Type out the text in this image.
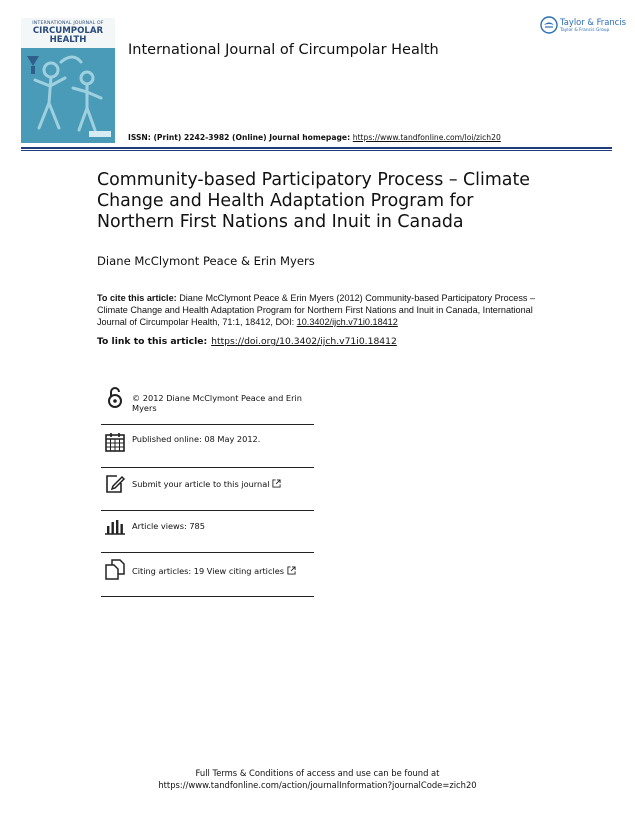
INTERNATIONAL JOURNAL OF
CIRCUMPOLAR
HEALTH
International Journal of Circumpolar Health
ISSN: (Print) 2242-3982 (Online) Journal homepage: https://www.tandfonline.com/loi/zich20
Taylor & Francis
Taylor & Francis Group
Community-based Participatory Process – Climate Change and Health Adaptation Program for Northern First Nations and Inuit in Canada
Diane McClymont Peace & Erin Myers
To cite this article: Diane McClymont Peace & Erin Myers (2012) Community-based Participatory Process – Climate Change and Health Adaptation Program for Northern First Nations and Inuit in Canada, International Journal of Circumpolar Health, 71:1, 18412, DOI: 10.3402/ijch.v71i0.18412
To link to this article: https://doi.org/10.3402/ijch.v71i0.18412
© 2012 Diane McClymont Peace and Erin Myers
Published online: 08 May 2012.
Submit your article to this journal
Article views: 785
Citing articles: 19 View citing articles
Full Terms & Conditions of access and use can be found at
https://www.tandfonline.com/action/journalInformation?journalCode=zich20
